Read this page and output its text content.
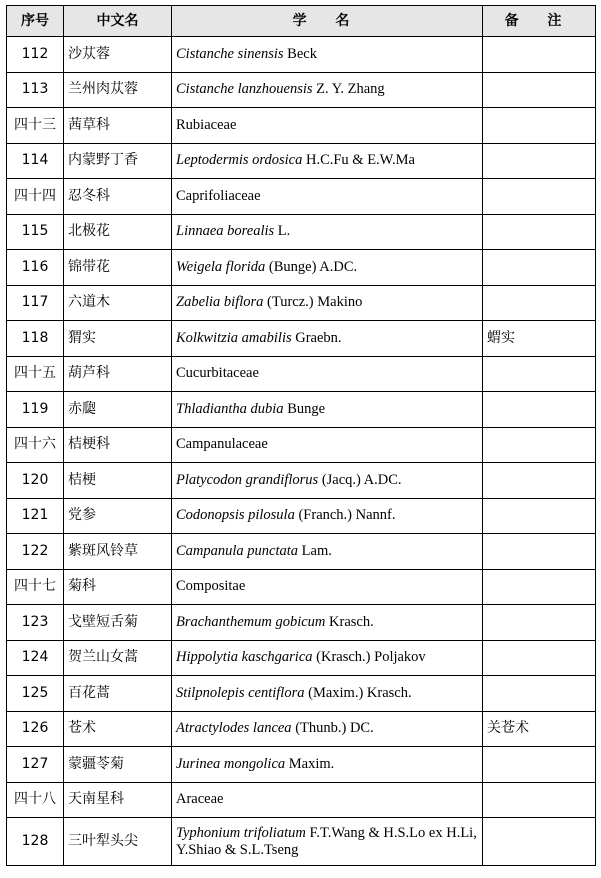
序号	中文名	学 名	备 注
112	沙苁蓉	Cistanche sinensis Beck	
113	兰州肉苁蓉	Cistanche lanzhouensis Z. Y. Zhang	
四十三	茜草科	Rubiaceae	
114	内蒙野丁香	Leptodermis ordosica H.C.Fu & E.W.Ma	
四十四	忍冬科	Caprifoliaceae	
115	北极花	Linnaea borealis L.	
116	锦带花	Weigela florida (Bunge) A.DC.	
117	六道木	Zabelia biflora (Turcz.) Makino	
118	猬实	Kolkwitzia amabilis Graebn.	蝟实
四十五	葫芦科	Cucurbitaceae	
119	赤瓟	Thladiantha dubia Bunge	
四十六	桔梗科	Campanulaceae	
120	桔梗	Platycodon grandiflorus (Jacq.) A.DC.	
121	党参	Codonopsis pilosula (Franch.) Nannf.	
122	紫斑风铃草	Campanula punctata Lam.	
四十七	菊科	Compositae	
123	戈壁短舌菊	Brachanthemum gobicum Krasch.	
124	贺兰山女蒿	Hippolytia kaschgarica (Krasch.) Poljakov	
125	百花蒿	Stilpnolepis centiflora (Maxim.) Krasch.	
126	苍术	Atractylodes lancea (Thunb.) DC.	关苍术
127	蒙疆苓菊	Jurinea mongolica Maxim.	
四十八	天南星科	Araceae	
128	三叶犁头尖	Typhonium trifoliatum F.T.Wang & H.S.Lo ex H.Li, Y.Shiao & S.L.Tseng	
